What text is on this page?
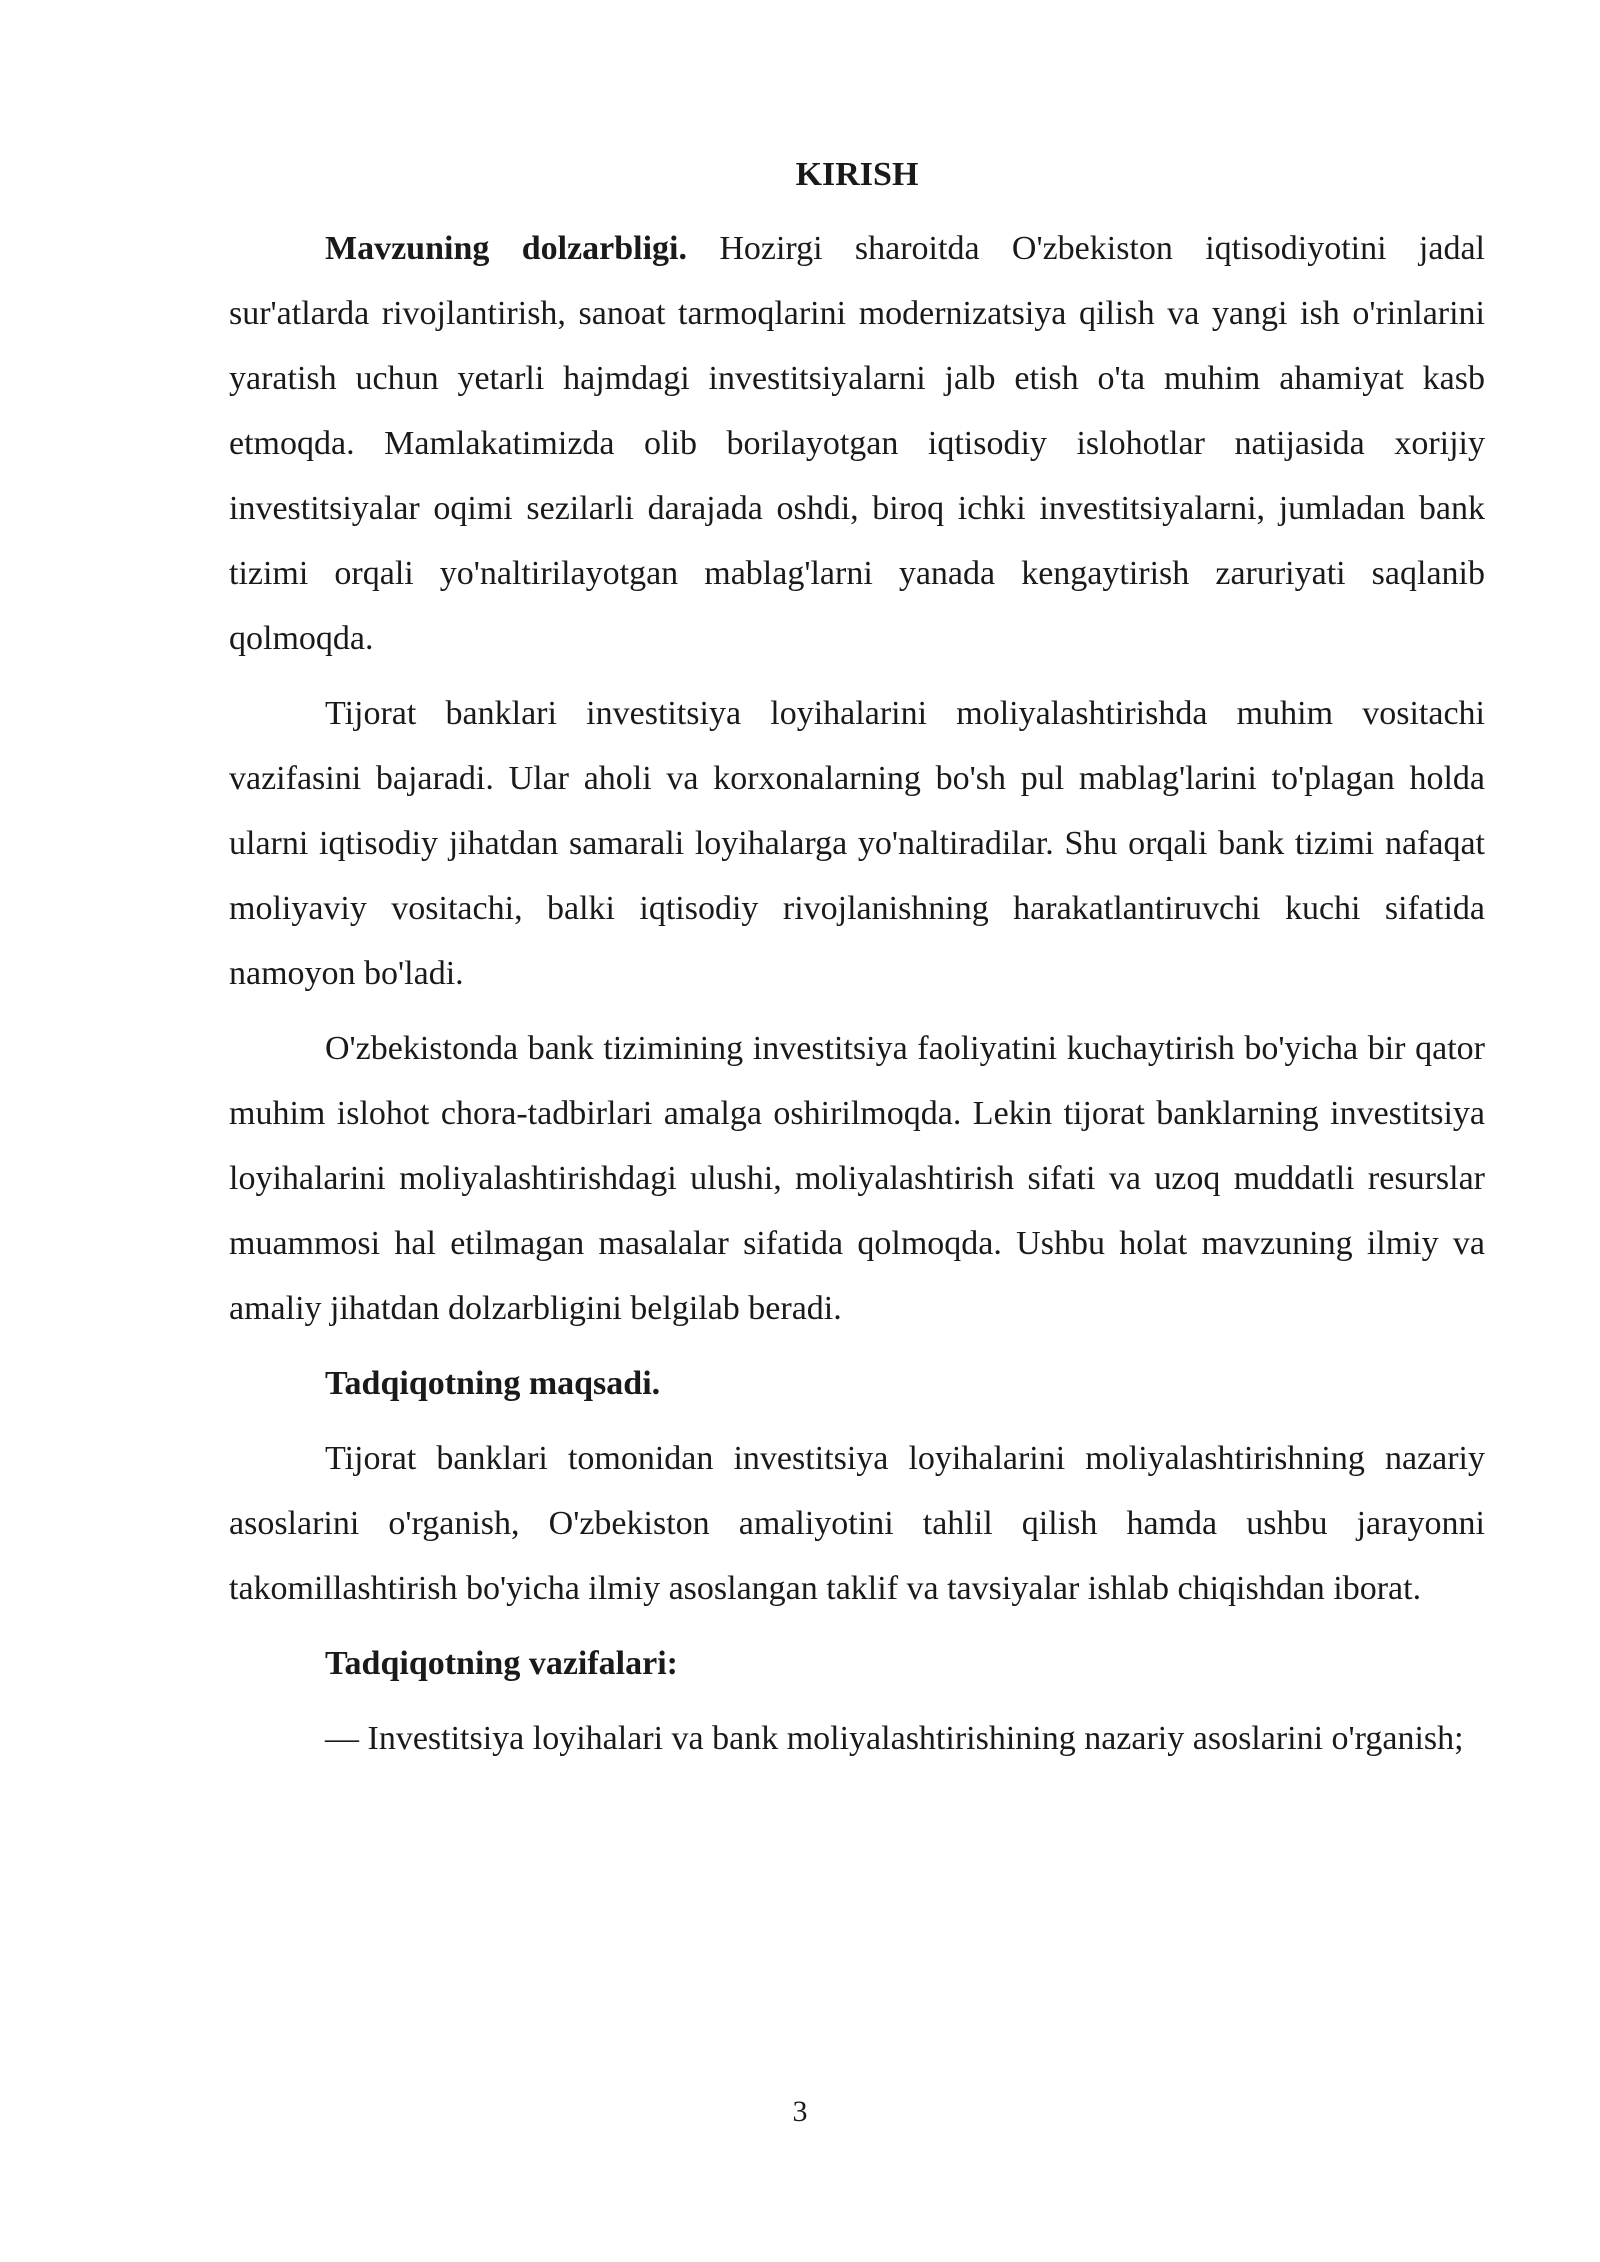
KIRISH

Mavzuning dolzarbligi. Hozirgi sharoitda O'zbekiston iqtisodiyotini jadal sur'atlarda rivojlantirish, sanoat tarmoqlarini modernizatsiya qilish va yangi ish o'rinlarini yaratish uchun yetarli hajmdagi investitsiyalarni jalb etish o'ta muhim ahamiyat kasb etmoqda. Mamlakatimizda olib borilayotgan iqtisodiy islohotlar natijasida xorijiy investitsiyalar oqimi sezilarli darajada oshdi, biroq ichki investitsiyalarni, jumladan bank tizimi orqali yo'naltirilayotgan mablag'larni yanada kengaytirish zaruriyati saqlanib qolmoqda.

Tijorat banklari investitsiya loyihalarini moliyalashtirishda muhim vositachi vazifasini bajaradi. Ular aholi va korxonalarning bo'sh pul mablag'larini to'plagan holda ularni iqtisodiy jihatdan samarali loyihalarga yo'naltiradilar. Shu orqali bank tizimi nafaqat moliyaviy vositachi, balki iqtisodiy rivojlanishning harakatlantiruvchi kuchi sifatida namoyon bo'ladi.

O'zbekistonda bank tizimining investitsiya faoliyatini kuchaytirish bo'yicha bir qator muhim islohot chora-tadbirlari amalga oshirilmoqda. Lekin tijorat banklarning investitsiya loyihalarini moliyalashtirishdagi ulushi, moliyalashtirish sifati va uzoq muddatli resurslar muammosi hal etilmagan masalalar sifatida qolmoqda. Ushbu holat mavzuning ilmiy va amaliy jihatdan dolzarbligini belgilab beradi.

Tadqiqotning maqsadi.

Tijorat banklari tomonidan investitsiya loyihalarini moliyalashtirishning nazariy asoslarini o'rganish, O'zbekiston amaliyotini tahlil qilish hamda ushbu jarayonni takomillashtirish bo'yicha ilmiy asoslangan taklif va tavsiyalar ishlab chiqishdan iborat.

Tadqiqotning vazifalari:

— Investitsiya loyihalari va bank moliyalashtirishining nazariy asoslarini o'rganish;

3
